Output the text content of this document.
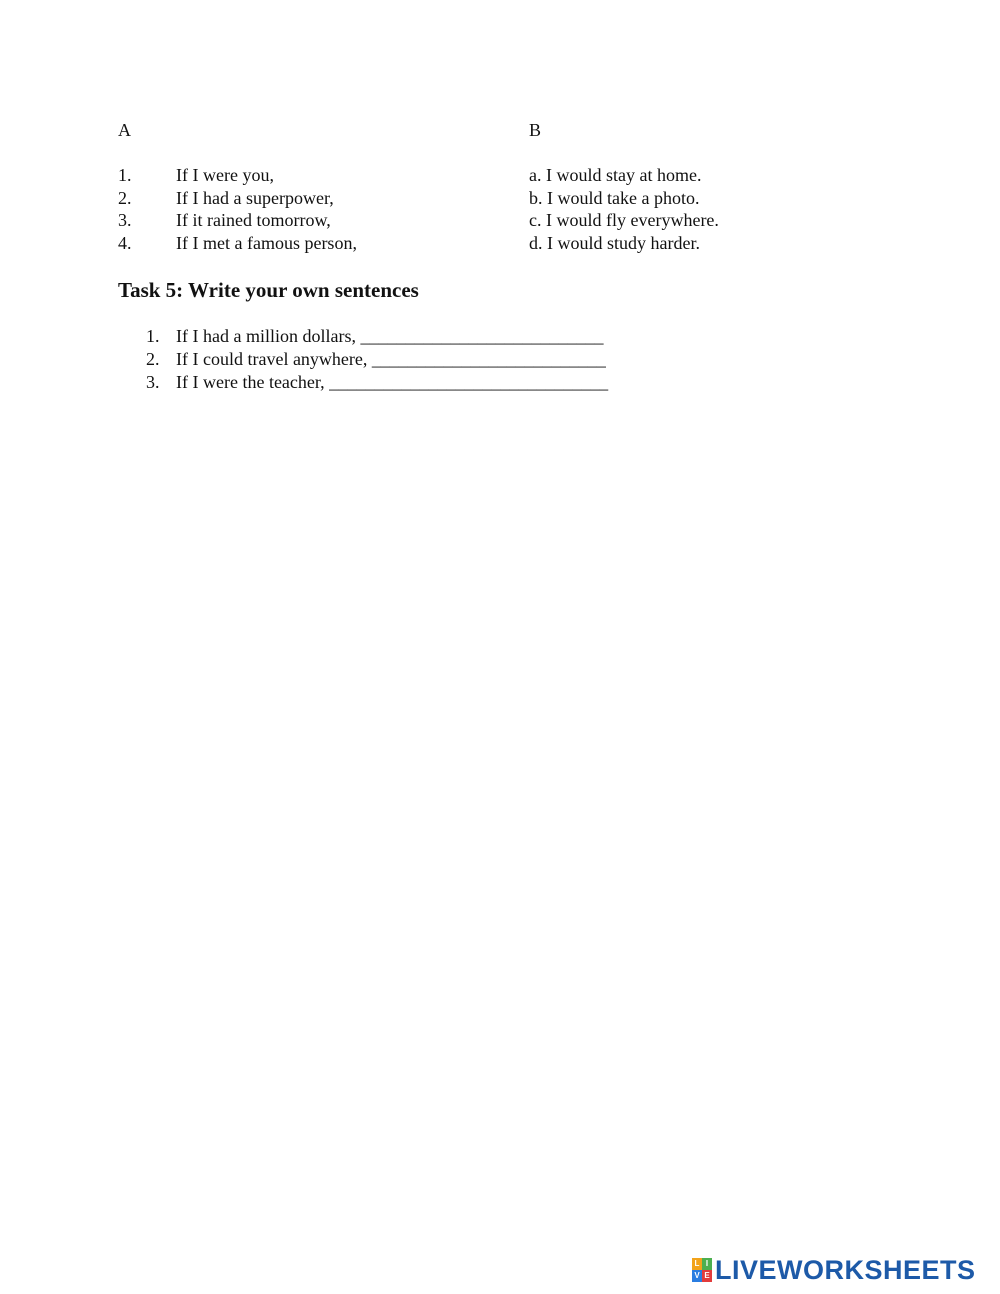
A	B
1. If I were you,
2. If I had a superpower,
3. If it rained tomorrow,
4. If I met a famous person,
a. I would stay at home.
b. I would take a photo.
c. I would fly everywhere.
d. I would study harder.
Task 5: Write your own sentences
1. If I had a million dollars, ___________________________
2. If I could travel anywhere, __________________________
3. If I were the teacher, _______________________________
L I
V E LIVEWORKSHEETS
